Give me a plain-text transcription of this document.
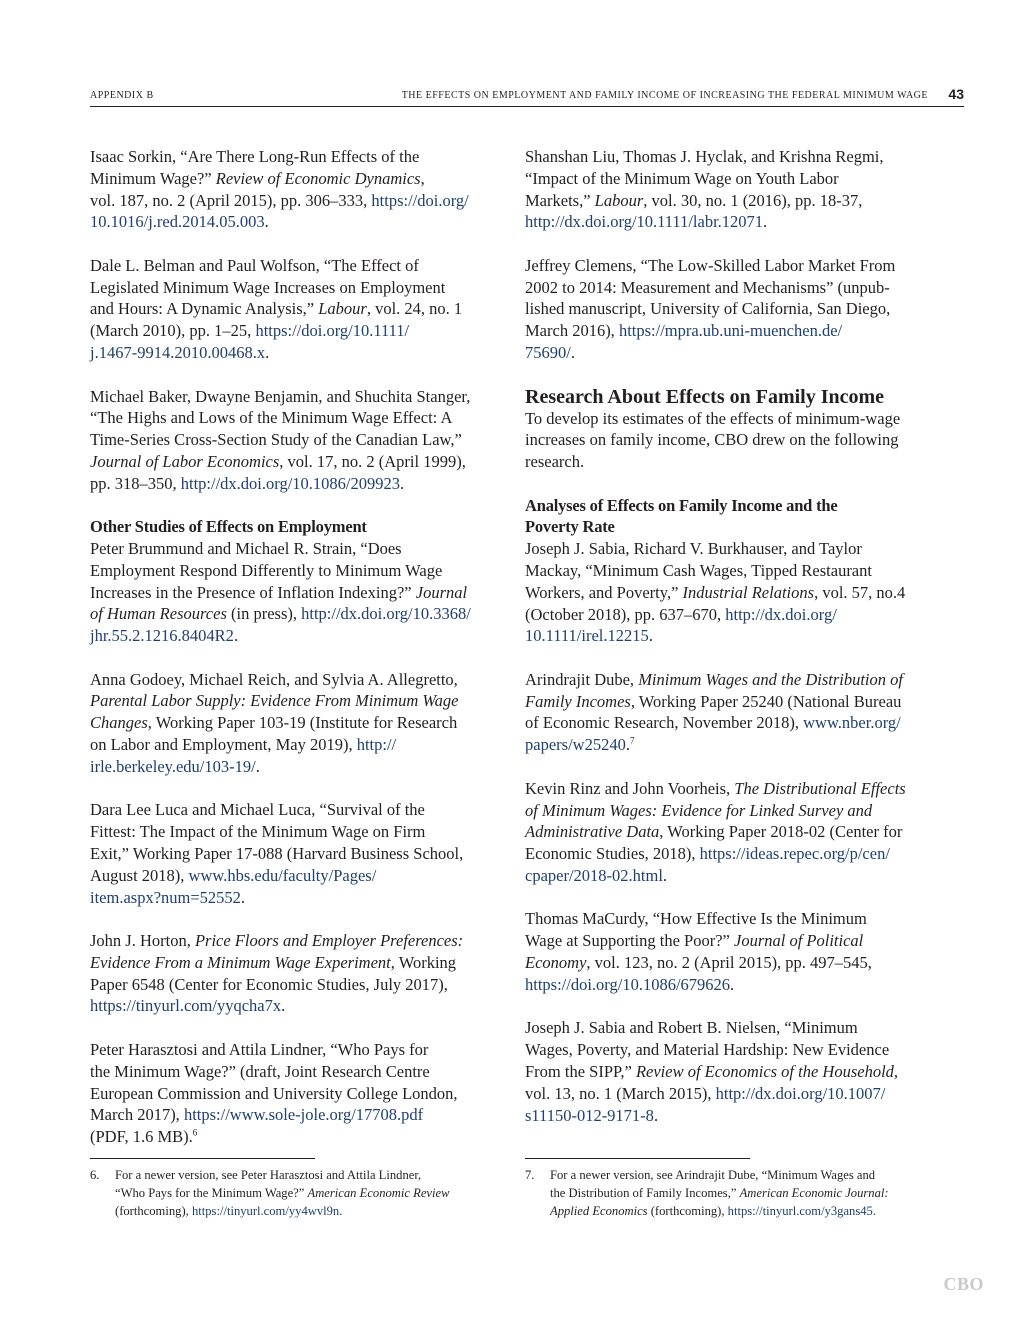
APPENDIX B	THE EFFECTS ON EMPLOYMENT AND FAMILY INCOME OF INCREASING THE FEDERAL MINIMUM WAGE 43
Isaac Sorkin, “Are There Long-Run Effects of the
Minimum Wage?” Review of Economic Dynamics,
vol. 187, no. 2 (April 2015), pp. 306–333, https://doi.org/
10.1016/j.red.2014.05.003.
Dale L. Belman and Paul Wolfson, “The Effect of
Legislated Minimum Wage Increases on Employment
and Hours: A Dynamic Analysis,” Labour, vol. 24, no. 1
(March 2010), pp. 1–25, https://doi.org/10.1111/
j.1467-9914.2010.00468.x.
Michael Baker, Dwayne Benjamin, and Shuchita Stanger,
“The Highs and Lows of the Minimum Wage Effect: A
Time-Series Cross-Section Study of the Canadian Law,”
Journal of Labor Economics, vol. 17, no. 2 (April 1999),
pp. 318–350, http://dx.doi.org/10.1086/209923.
Other Studies of Effects on Employment
Peter Brummund and Michael R. Strain, “Does
Employment Respond Differently to Minimum Wage
Increases in the Presence of Inflation Indexing?” Journal
of Human Resources (in press), http://dx.doi.org/10.3368/
jhr.55.2.1216.8404R2.
Anna Godoey, Michael Reich, and Sylvia A. Allegretto,
Parental Labor Supply: Evidence From Minimum Wage
Changes, Working Paper 103-19 (Institute for Research
on Labor and Employment, May 2019), http://
irle.berkeley.edu/103-19/.
Dara Lee Luca and Michael Luca, “Survival of the
Fittest: The Impact of the Minimum Wage on Firm
Exit,” Working Paper 17-088 (Harvard Business School,
August 2018), www.hbs.edu/faculty/Pages/
item.aspx?num=52552.
John J. Horton, Price Floors and Employer Preferences:
Evidence From a Minimum Wage Experiment, Working
Paper 6548 (Center for Economic Studies, July 2017),
https://tinyurl.com/yyqcha7x.
Peter Harasztosi and Attila Lindner, “Who Pays for
the Minimum Wage?” (draft, Joint Research Centre
European Commission and University College London,
March 2017), https://www.sole-jole.org/17708.pdf
(PDF, 1.6 MB).$^6$
Shanshan Liu, Thomas J. Hyclak, and Krishna Regmi,
“Impact of the Minimum Wage on Youth Labor
Markets,” Labour, vol. 30, no. 1 (2016), pp. 18-37,
http://dx.doi.org/10.1111/labr.12071.
Jeffrey Clemens, “The Low-Skilled Labor Market From
2002 to 2014: Measurement and Mechanisms” (unpub-
lished manuscript, University of California, San Diego,
March 2016), https://mpra.ub.uni-muenchen.de/
75690/.
Research About Effects on Family Income
To develop its estimates of the effects of minimum-wage
increases on family income, CBO drew on the following
research.
Analyses of Effects on Family Income and the
Poverty Rate
Joseph J. Sabia, Richard V. Burkhauser, and Taylor
Mackay, “Minimum Cash Wages, Tipped Restaurant
Workers, and Poverty,” Industrial Relations, vol. 57, no.4
(October 2018), pp. 637–670, http://dx.doi.org/
10.1111/irel.12215.
Arindrajit Dube, Minimum Wages and the Distribution of
Family Incomes, Working Paper 25240 (National Bureau
of Economic Research, November 2018), www.nber.org/
papers/w25240.$^7$
Kevin Rinz and John Voorheis, The Distributional Effects
of Minimum Wages: Evidence for Linked Survey and
Administrative Data, Working Paper 2018-02 (Center for
Economic Studies, 2018), https://ideas.repec.org/p/cen/
cpaper/2018-02.html.
Thomas MaCurdy, “How Effective Is the Minimum
Wage at Supporting the Poor?” Journal of Political
Economy, vol. 123, no. 2 (April 2015), pp. 497–545,
https://doi.org/10.1086/679626.
Joseph J. Sabia and Robert B. Nielsen, “Minimum
Wages, Poverty, and Material Hardship: New Evidence
From the SIPP,” Review of Economics of the Household,
vol. 13, no. 1 (March 2015), http://dx.doi.org/10.1007/
s11150-012-9171-8.
6. For a newer version, see Peter Harasztosi and Attila Lindner,
“Who Pays for the Minimum Wage?” American Economic Review
(forthcoming), https://tinyurl.com/yy4wvl9n.
7. For a newer version, see Arindrajit Dube, “Minimum Wages and
the Distribution of Family Incomes,” American Economic Journal:
Applied Economics (forthcoming), https://tinyurl.com/y3gans45.
CBO
